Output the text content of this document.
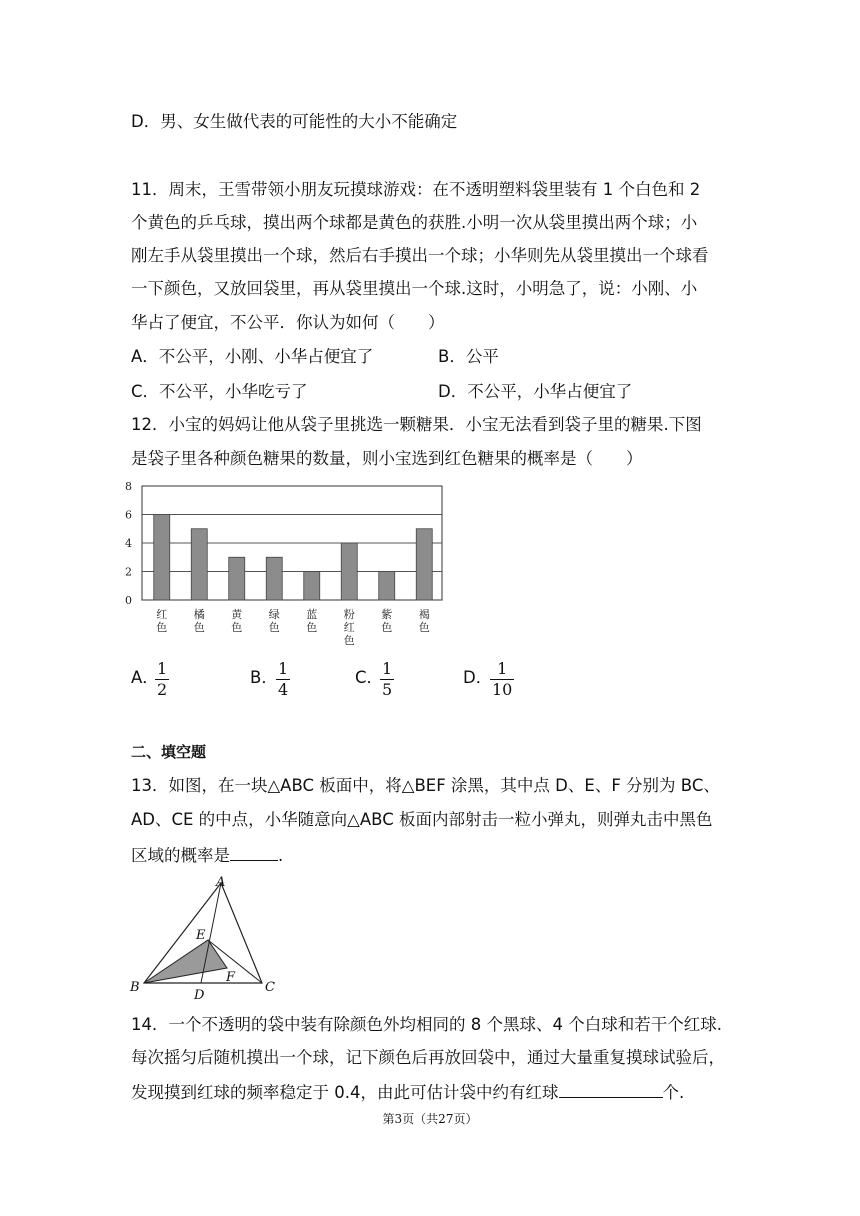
D．男、女生做代表的可能性的大小不能确定
11．周末，王雪带领小朋友玩摸球游戏：在不透明塑料袋里装有 1 个白色和 2
个黄色的乒乓球，摸出两个球都是黄色的获胜.小明一次从袋里摸出两个球；小
刚左手从袋里摸出一个球，然后右手摸出一个球；小华则先从袋里摸出一个球看
一下颜色，又放回袋里，再从袋里摸出一个球.这时，小明急了，说：小刚、小
华占了便宜，不公平．你认为如何（　　）
A．不公平，小刚、小华占便宜了	B．公平
C．不公平，小华吃亏了	D．不公平，小华占便宜了
12．小宝的妈妈让他从袋子里挑选一颗糖果．小宝无法看到袋子里的糖果.下图
是袋子里各种颜色糖果的数量，则小宝选到红色糖果的概率是（　　）
0
2
4
6
8
红色
橘色
黄色
绿色
蓝色
粉红色
紫色
褐色
A．
1
2
B． 1
4
C．
1
5
D． 1
10
二、填空题
13．如图，在一块△ABC 板面中，将△BEF 涂黑，其中点 D、E、F 分别为 BC、
AD、CE 的中点，小华随意向△ABC 板面内部射击一粒小弹丸，则弹丸击中黑色
区域的概率是	.
A
B	C
D
E
F
14．一个不透明的袋中装有除颜色外均相同的 8 个黑球、4 个白球和若干个红球.
每次摇匀后随机摸出一个球，记下颜色后再放回袋中，通过大量重复摸球试验后，
发现摸到红球的频率稳定于 0.4，由此可估计袋中约有红球	个.
第3页（共27页）
